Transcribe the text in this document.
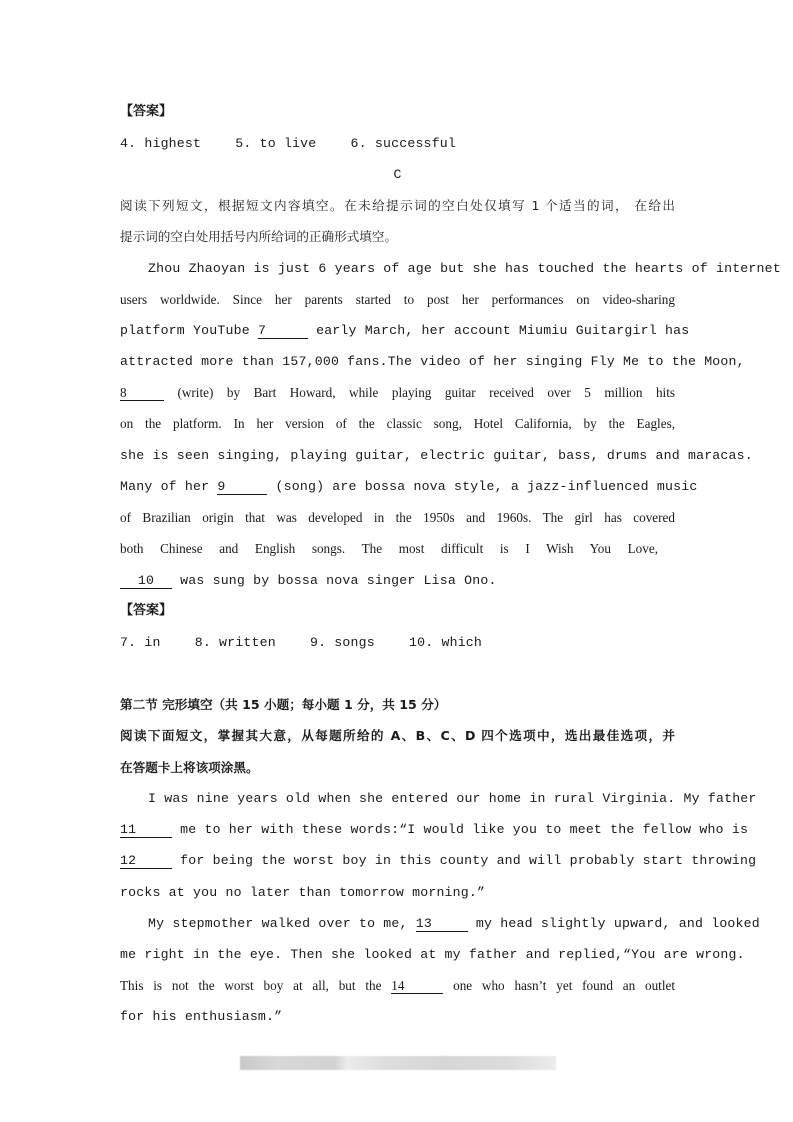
【答案】
4. highest	5. to live	6. successful
C
阅读下列短文，根据短文内容填空。在未给提示词的空白处仅填写 1 个适当的词， 在给出
提示词的空白处用括号内所给词的正确形式填空。
Zhou Zhaoyan is just 6 years of age but she has touched the hearts of internet
users worldwide. Since her parents started to post her performances on video-sharing
platform YouTube 7	early March, her account Miumiu Guitargirl has
attracted more than 157,000 fans.The video of her singing Fly Me to the Moon,
8	(write) by Bart Howard, while playing guitar received over 5 million hits
on the platform. In her version of the classic song, Hotel California, by the Eagles,
she is seen singing, playing guitar, electric guitar, bass, drums and maracas.
Many of her 9	(song) are bossa nova style, a jazz-influenced music
of Brazilian origin that was developed in the 1950s and 1960s. The girl has covered
both Chinese and English songs. The most difficult is I Wish You Love,
10 was sung by bossa nova singer Lisa Ono.
【答案】
7. in	8. written	9. songs	10. which
第二节 完形填空（共 15 小题；每小题 1 分，共 15 分）
阅读下面短文，掌握其大意，从每题所给的 A、B、C、D 四个选项中，选出最佳选项，并
在答题卡上将该项涂黑。
I was nine years old when she entered our home in rural Virginia. My father
11	me to her with these words:“I would like you to meet the fellow who is
12	for being the worst boy in this county and will probably start throwing
rocks at you no later than tomorrow morning.”
My stepmother walked over to me, 13	my head slightly upward, and looked
me right in the eye. Then she looked at my father and replied,“You are wrong.
This is not the worst boy at all, but the 14	one who hasn’t yet found an outlet
for his enthusiasm.”
